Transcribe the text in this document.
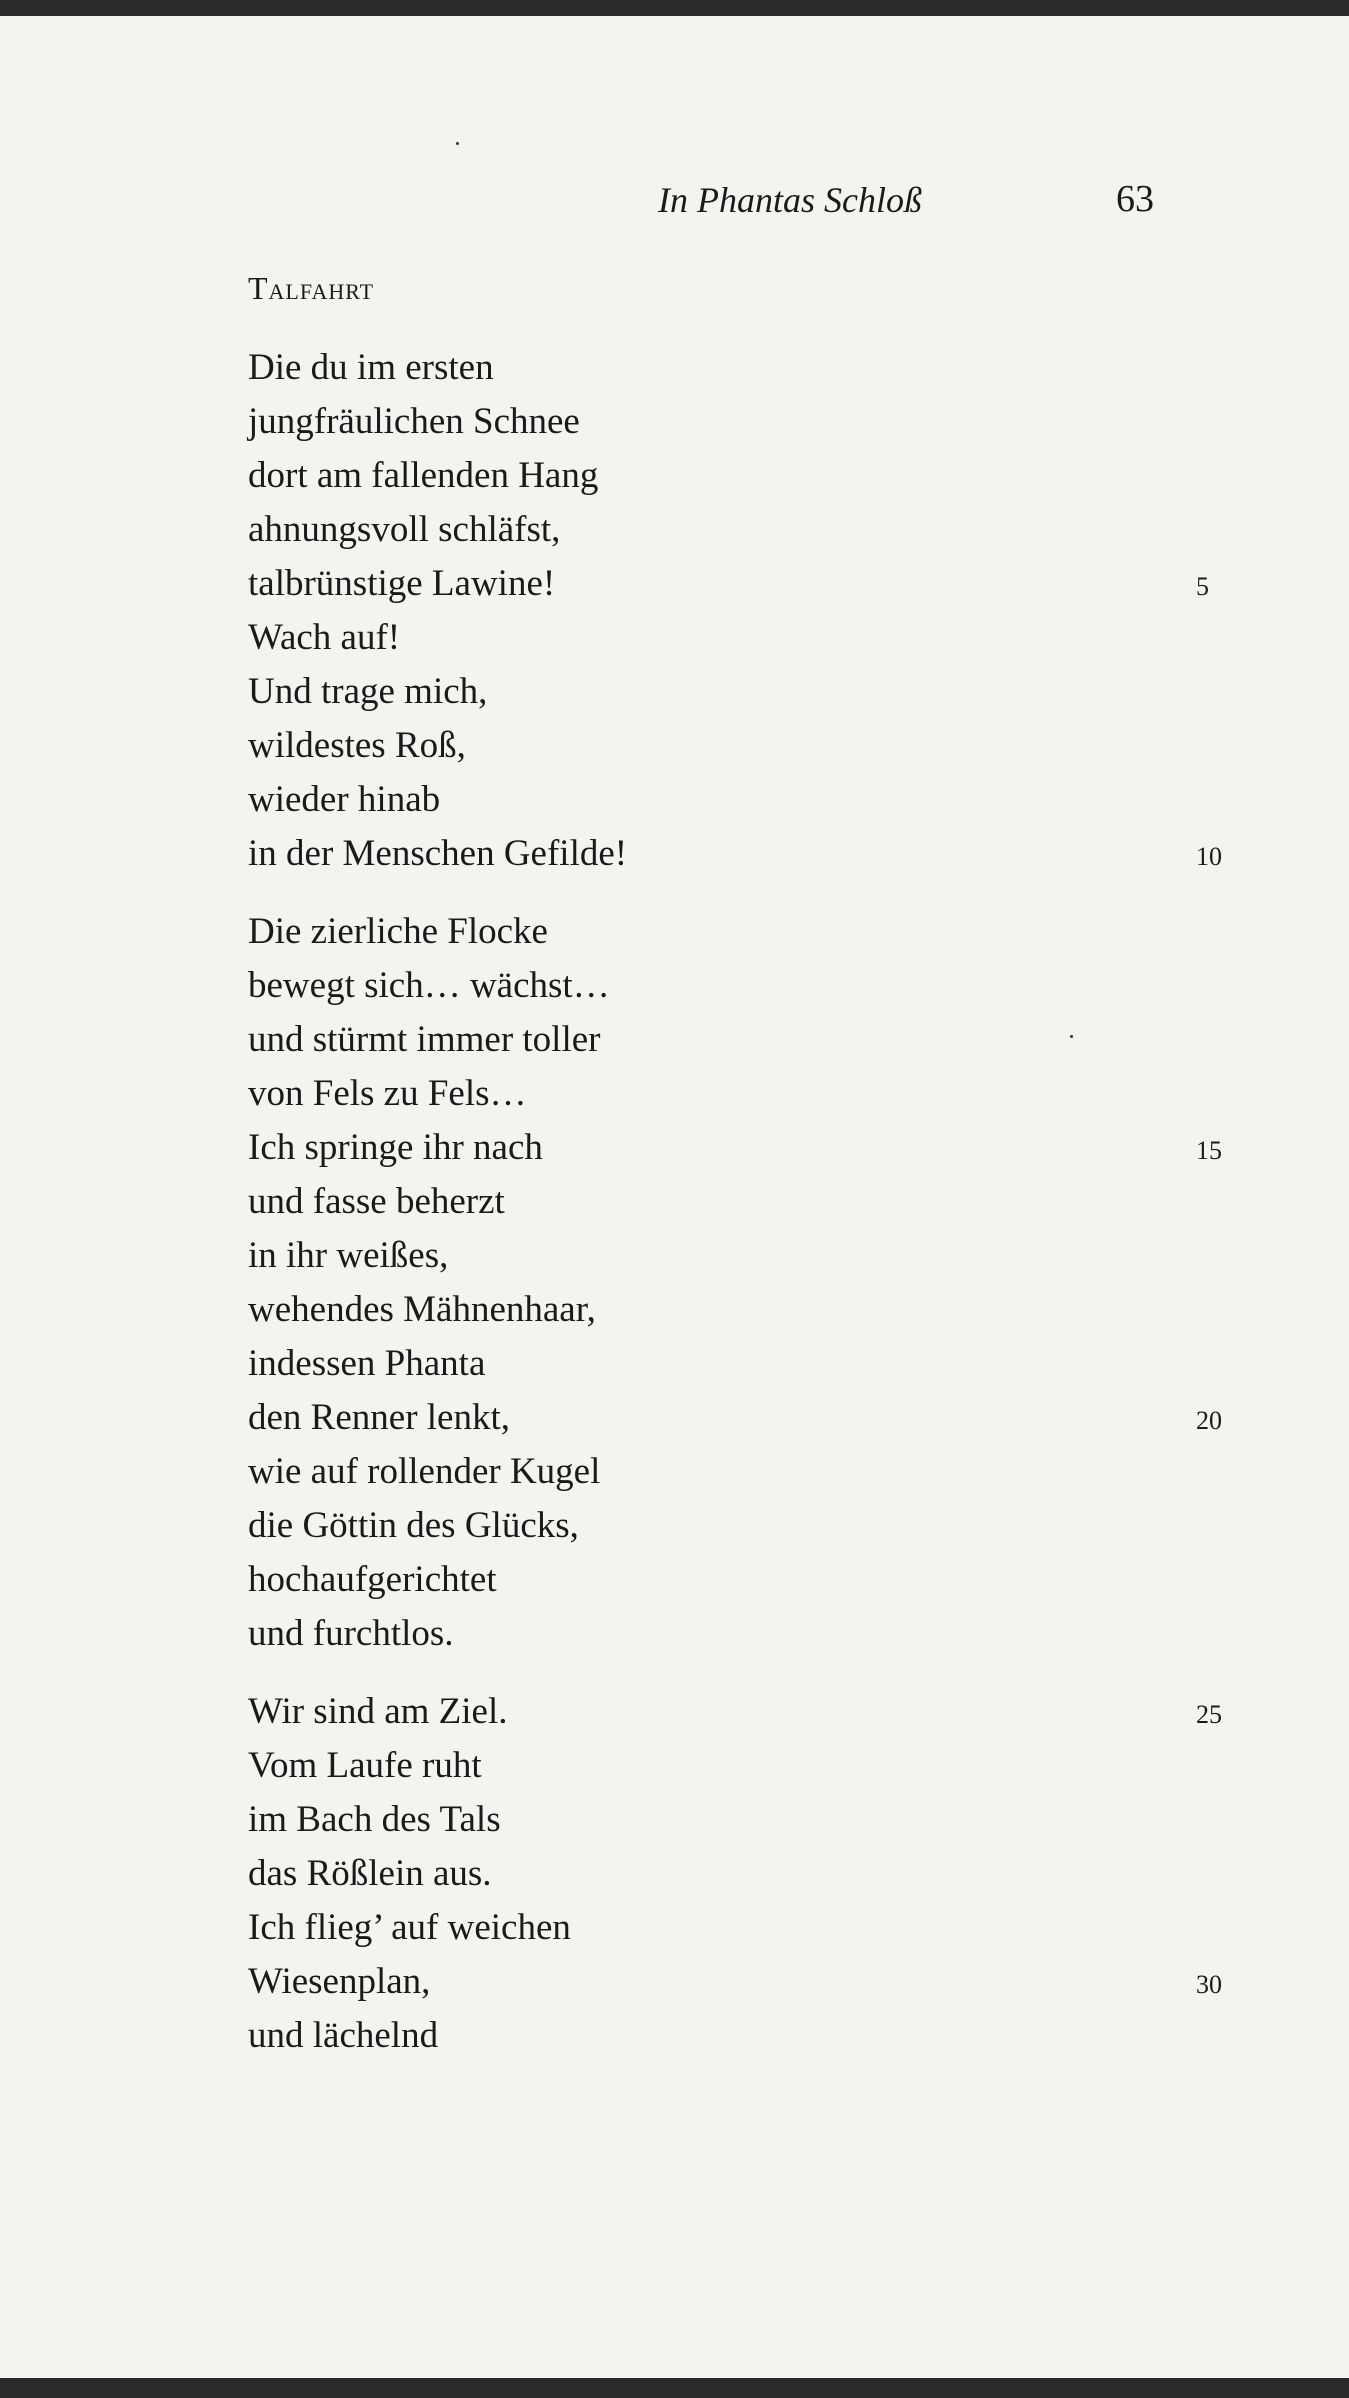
In Phantas Schloß	63
Talfahrt
Die du im ersten
jungfräulichen Schnee
dort am fallenden Hang
ahnungsvoll schläfst,
talbrünstige Lawine!
Wach auf!
Und trage mich,
wildestes Roß,
wieder hinab
in der Menschen Gefilde!
Die zierliche Flocke
bewegt sich… wächst…
und stürmt immer toller
von Fels zu Fels…
Ich springe ihr nach
und fasse beherzt
in ihr weißes,
wehendes Mähnenhaar,
indessen Phanta
den Renner lenkt,
wie auf rollender Kugel
die Göttin des Glücks,
hochaufgerichtet
und furchtlos.
Wir sind am Ziel.
Vom Laufe ruht
im Bach des Tals
das Rößlein aus.
Ich flieg’ auf weichen
Wiesenplan,
und lächelnd
5
10
15
20
25
30
